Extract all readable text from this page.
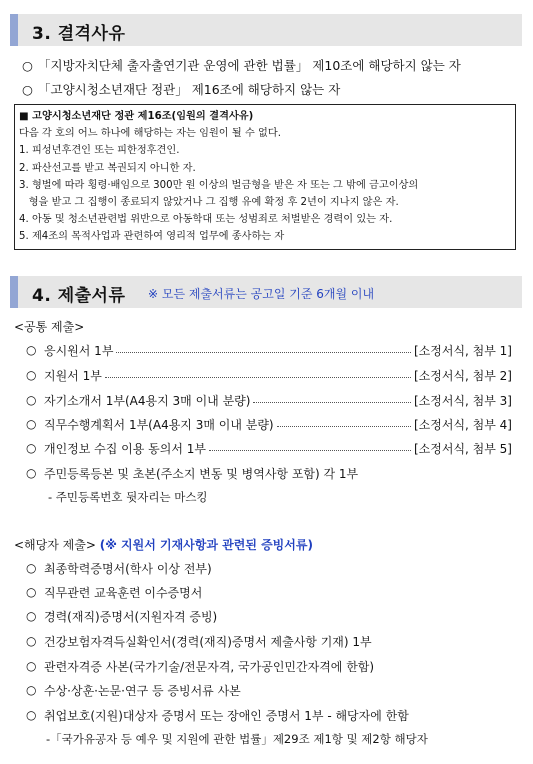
3. 결격사유
○ 「지방자치단체 출자출연기관 운영에 관한 법률」 제10조에 해당하지 않는 자
○ 「고양시청소년재단 정관」 제16조에 해당하지 않는 자
■ 고양시청소년재단 정관 제16조(임원의 결격사유)
다음 각 호의 어느 하나에 해당하는 자는 임원이 될 수 없다.
1. 피성년후견인 또는 피한정후견인.
2. 파산선고를 받고 복권되지 아니한 자.
3. 형벌에 따라 횡령·배임으로 300만 원 이상의 벌금형을 받은 자 또는 그 밖에 금고이상의
형을 받고 그 집행이 종료되지 않았거나 그 집행 유예 확정 후 2년이 지나지 않은 자.
4. 아동 및 청소년관련법 위반으로 아동학대 또는 성범죄로 처벌받은 경력이 있는 자.
5. 제4조의 목적사업과 관련하여 영리적 업무에 종사하는 자
4. 제출서류 ※ 모든 제출서류는 공고일 기준 6개월 이내
<공통 제출>
○ 응시원서 1부	[소정서식, 첨부 1]
○ 지원서 1부	[소정서식, 첨부 2]
○ 자기소개서 1부(A4용지 3매 이내 분량)	[소정서식, 첨부 3]
○ 직무수행계획서 1부(A4용지 3매 이내 분량)	[소정서식, 첨부 4]
○ 개인정보 수집 이용 동의서 1부	[소정서식, 첨부 5]
○ 주민등록등본 및 초본(주소지 변동 및 병역사항 포함) 각 1부
- 주민등록번호 뒷자리는 마스킹
<해당자 제출> (※ 지원서 기재사항과 관련된 증빙서류)
○ 최종학력증명서(학사 이상 전부)
○ 직무관련 교육훈련 이수증명서
○ 경력(재직)증명서(지원자격 증빙)
○ 건강보험자격득실확인서(경력(재직)증명서 제출사항 기재) 1부
○ 관련자격증 사본(국가기술/전문자격, 국가공인민간자격에 한함)
○ 수상·상훈·논문·연구 등 증빙서류 사본
○ 취업보호(지원)대상자 증명서 또는 장애인 증명서 1부 - 해당자에 한함
-「국가유공자 등 예우 및 지원에 관한 법률」제29조 제1항 및 제2항 해당자
